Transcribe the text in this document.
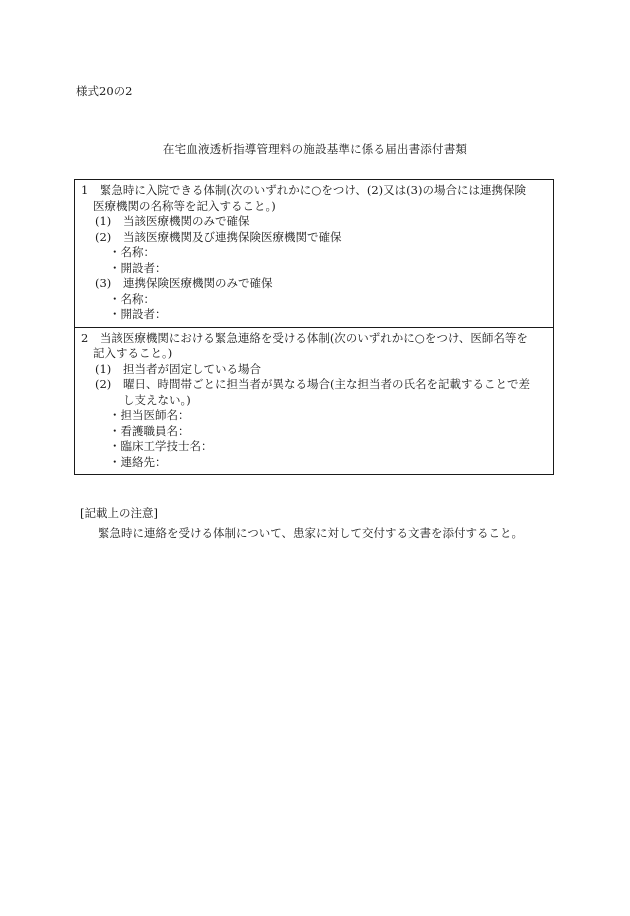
様式20の2
在宅血液透析指導管理料の施設基準に係る届出書添付書類
1　緊急時に入院できる体制(次のいずれかに○をつけ、(2)又は(3)の場合には連携保険
医療機関の名称等を記入すること。)
(1) 当該医療機関のみで確保
(2) 当該医療機関及び連携保険医療機関で確保
・名称：
・開設者：
(3) 連携保険医療機関のみで確保
・名称：
・開設者：
2　当該医療機関における緊急連絡を受ける体制(次のいずれかに○をつけ、医師名等を
記入すること。)
(1) 担当者が固定している場合
(2) 曜日、時間帯ごとに担当者が異なる場合(主な担当者の氏名を記載することで差
し支えない。)
・担当医師名：
・看護職員名：
・臨床工学技士名：
・連絡先：
[記載上の注意]
緊急時に連絡を受ける体制について、患家に対して交付する文書を添付すること。
